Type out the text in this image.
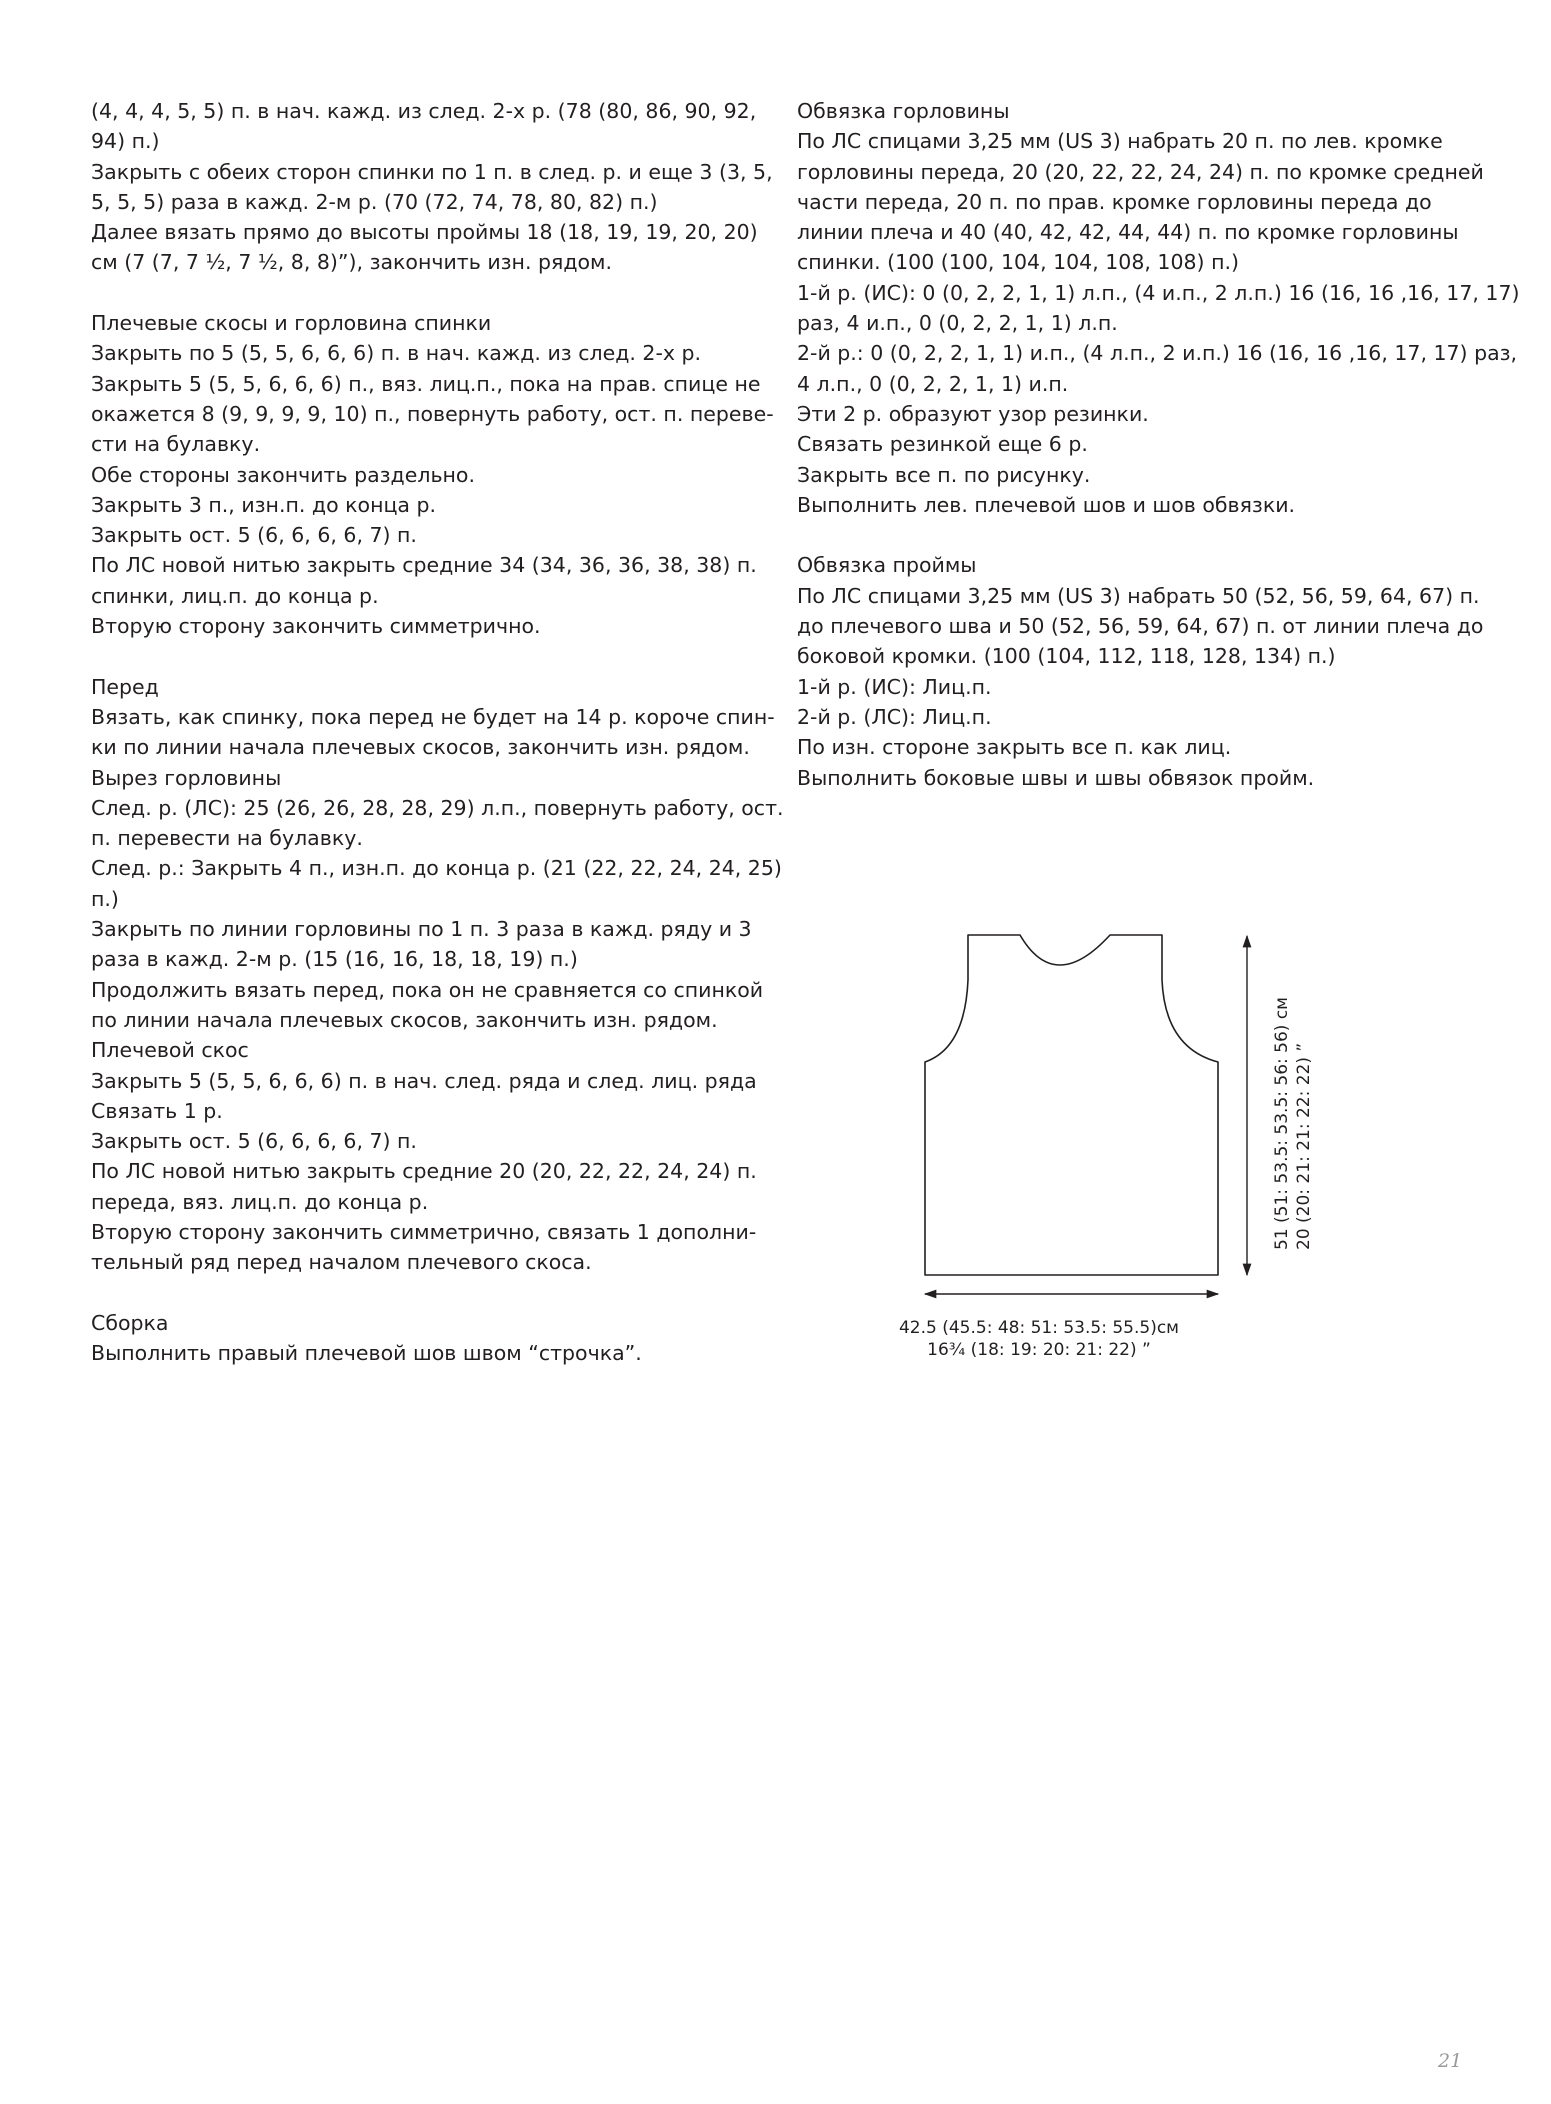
(4, 4, 4, 5, 5) п. в нач. кажд. из след. 2-х р. (78 (80, 86, 90, 92,

94) п.)

Закрыть с обеих сторон спинки по 1 п. в след. р. и еще 3 (3, 5,

5, 5, 5) раза в кажд. 2-м р. (70 (72, 74, 78, 80, 82) п.)

Далее вязать прямо до высоты проймы 18 (18, 19, 19, 20, 20)

см (7 (7, 7 ½, 7 ½, 8, 8)”), закончить изн. рядом.

Плечевые скосы и горловина спинки

Закрыть по 5 (5, 5, 6, 6, 6) п. в нач. кажд. из след. 2-х р.

Закрыть 5 (5, 5, 6, 6, 6) п., вяз. лиц.п., пока на прав. спице не

окажется 8 (9, 9, 9, 9, 10) п., повернуть работу, ост. п. переве-

сти на булавку.

Обе стороны закончить раздельно.

Закрыть 3 п., изн.п. до конца р.

Закрыть ост. 5 (6, 6, 6, 6, 7) п.

По ЛС новой нитью закрыть средние 34 (34, 36, 36, 38, 38) п.

спинки, лиц.п. до конца р.

Вторую сторону закончить симметрично.

Перед

Вязать, как спинку, пока перед не будет на 14 р. короче спин-

ки по линии начала плечевых скосов, закончить изн. рядом.

Вырез горловины

След. р. (ЛС): 25 (26, 26, 28, 28, 29) л.п., повернуть работу, ост.

п. перевести на булавку.

След. р.: Закрыть 4 п., изн.п. до конца р. (21 (22, 22, 24, 24, 25)

п.)

Закрыть по линии горловины по 1 п. 3 раза в кажд. ряду и 3

раза в кажд. 2-м р. (15 (16, 16, 18, 18, 19) п.)

Продолжить вязать перед, пока он не сравняется со спинкой

по линии начала плечевых скосов, закончить изн. рядом.

Плечевой скос

Закрыть 5 (5, 5, 6, 6, 6) п. в нач. след. ряда и след. лиц. ряда

Связать 1 р.

Закрыть ост. 5 (6, 6, 6, 6, 7) п.

По ЛС новой нитью закрыть средние 20 (20, 22, 22, 24, 24) п.

переда, вяз. лиц.п. до конца р.

Вторую сторону закончить симметрично, связать 1 дополни-

тельный ряд перед началом плечевого скоса.

Сборка

Выполнить правый плечевой шов швом “строчка”.

Обвязка горловины

По ЛС спицами 3,25 мм (US 3) набрать 20 п. по лев. кромке

горловины переда, 20 (20, 22, 22, 24, 24) п. по кромке средней

части переда, 20 п. по прав. кромке горловины переда до

линии плеча и 40 (40, 42, 42, 44, 44) п. по кромке горловины

спинки. (100 (100, 104, 104, 108, 108) п.)

1-й р. (ИС): 0 (0, 2, 2, 1, 1) л.п., (4 и.п., 2 л.п.) 16 (16, 16 ,16, 17, 17)

раз, 4 и.п., 0 (0, 2, 2, 1, 1) л.п.

2-й р.: 0 (0, 2, 2, 1, 1) и.п., (4 л.п., 2 и.п.) 16 (16, 16 ,16, 17, 17) раз,

4 л.п., 0 (0, 2, 2, 1, 1) и.п.

Эти 2 р. образуют узор резинки.

Связать резинкой еще 6 р.

Закрыть все п. по рисунку.

Выполнить лев. плечевой шов и шов обвязки.

Обвязка проймы

По ЛС спицами 3,25 мм (US 3) набрать 50 (52, 56, 59, 64, 67) п.

до плечевого шва и 50 (52, 56, 59, 64, 67) п. от линии плеча до

боковой кромки. (100 (104, 112, 118, 128, 134) п.)

1-й р. (ИС): Лиц.п.

2-й р. (ЛС): Лиц.п.

По изн. стороне закрыть все п. как лиц.

Выполнить боковые швы и швы обвязок пройм.

42.5 (45.5: 48: 51: 53.5: 55.5)см
16¾ (18: 19: 20: 21: 22) ”
51 (51: 53.5: 53.5: 56: 56) см 20 (20: 21: 21: 22: 22) ”
21
